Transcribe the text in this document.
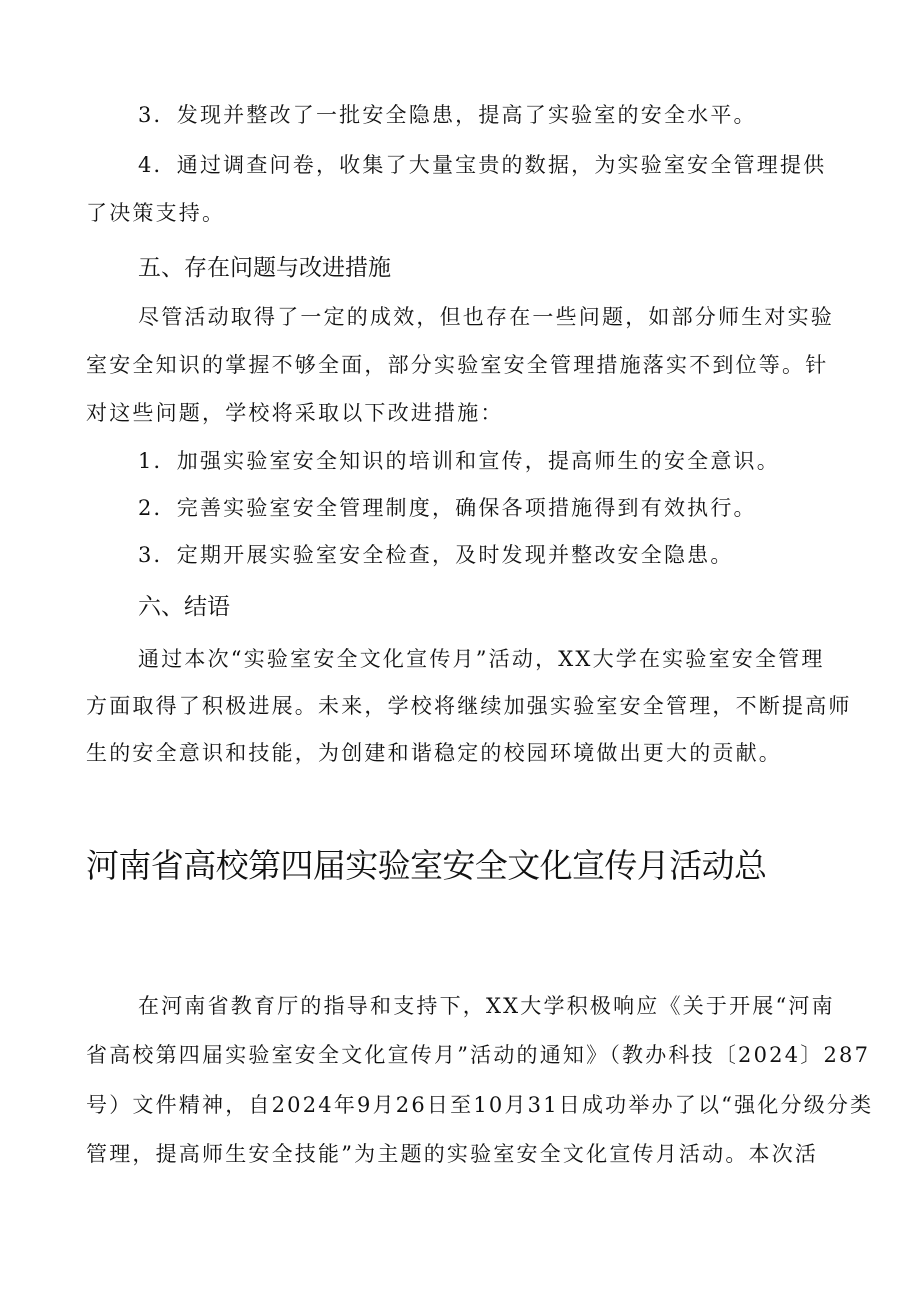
3．发现并整改了一批安全隐患，提高了实验室的安全水平。
4．通过调查问卷，收集了大量宝贵的数据，为实验室安全管理提供
了决策支持。
五、存在问题与改进措施
尽管活动取得了一定的成效，但也存在一些问题，如部分师生对实验
室安全知识的掌握不够全面，部分实验室安全管理措施落实不到位等。针
对这些问题，学校将采取以下改进措施：
1．加强实验室安全知识的培训和宣传，提高师生的安全意识。
2．完善实验室安全管理制度，确保各项措施得到有效执行。
3．定期开展实验室安全检查，及时发现并整改安全隐患。
六、结语
通过本次“实验室安全文化宣传月”活动，XX大学在实验室安全管理
方面取得了积极进展。未来，学校将继续加强实验室安全管理，不断提高师
生的安全意识和技能，为创建和谐稳定的校园环境做出更大的贡献。
河南省高校第四届实验室安全文化宣传月活动总
在河南省教育厅的指导和支持下，XX大学积极响应《关于开展“河南
省高校第四届实验室安全文化宣传月”活动的通知》（教办科技〔2024〕287
号）文件精神，自2024年9月26日至10月31日成功举办了以“强化分级分类
管理，提高师生安全技能”为主题的实验室安全文化宣传月活动。本次活
